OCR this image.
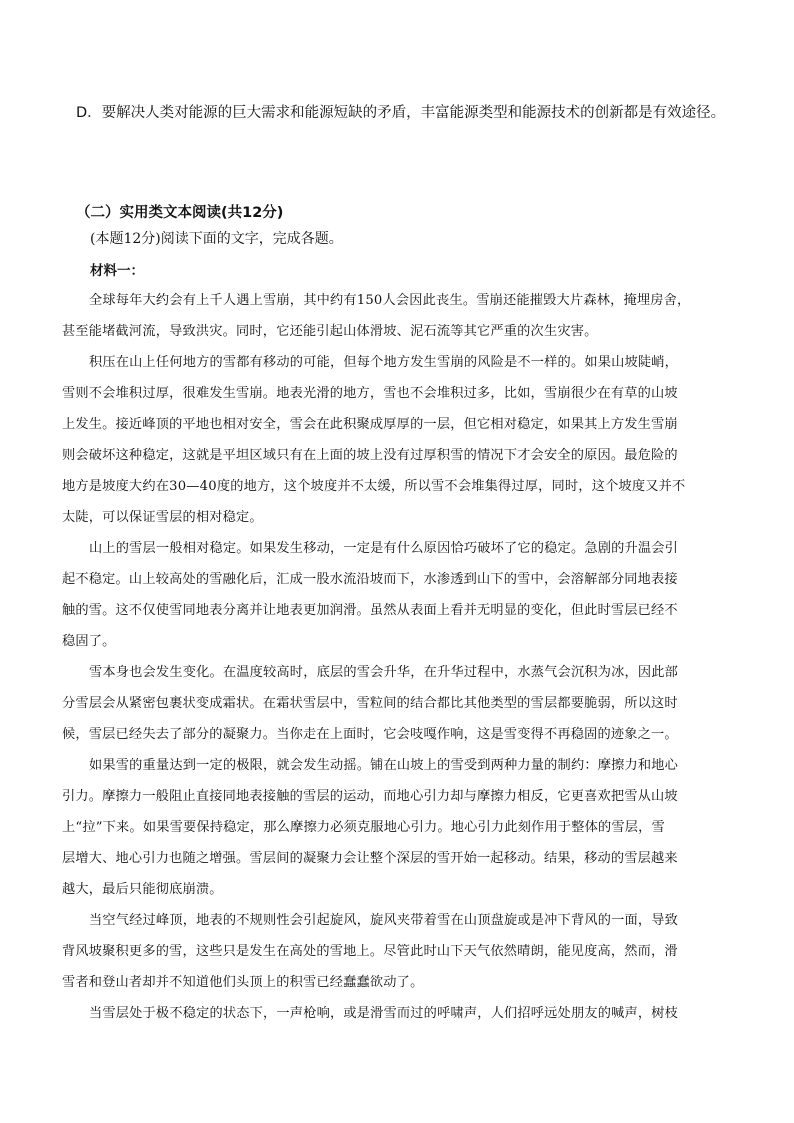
D．要解决人类对能源的巨大需求和能源短缺的矛盾，丰富能源类型和能源技术的创新都是有效途径。
（二）实用类文本阅读(共12分)
(本题12分)阅读下面的文字，完成各题。
材料一：
全球每年大约会有上千人遇上雪崩，其中约有150人会因此丧生。雪崩还能摧毁大片森林，掩埋房舍，
甚至能堵截河流，导致洪灾。同时，它还能引起山体滑坡、泥石流等其它严重的次生灾害。
积压在山上任何地方的雪都有移动的可能，但每个地方发生雪崩的风险是不一样的。如果山坡陡峭，
雪则不会堆积过厚，很难发生雪崩。地表光滑的地方，雪也不会堆积过多，比如，雪崩很少在有草的山坡
上发生。接近峰顶的平地也相对安全，雪会在此积聚成厚厚的一层，但它相对稳定，如果其上方发生雪崩
则会破坏这种稳定，这就是平坦区域只有在上面的坡上没有过厚积雪的情况下才会安全的原因。最危险的
地方是坡度大约在30—40度的地方，这个坡度并不太缓，所以雪不会堆集得过厚，同时，这个坡度又并不
太陡，可以保证雪层的相对稳定。
山上的雪层一般相对稳定。如果发生移动，一定是有什么原因恰巧破坏了它的稳定。急剧的升温会引
起不稳定。山上较高处的雪融化后，汇成一股水流沿坡而下，水渗透到山下的雪中，会溶解部分同地表接
触的雪。这不仅使雪同地表分离并让地表更加润滑。虽然从表面上看并无明显的变化，但此时雪层已经不
稳固了。
雪本身也会发生变化。在温度较高时，底层的雪会升华，在升华过程中，水蒸气会沉积为冰，因此部
分雪层会从紧密包裹状变成霜状。在霜状雪层中，雪粒间的结合都比其他类型的雪层都要脆弱，所以这时
候，雪层已经失去了部分的凝聚力。当你走在上面时，它会吱嘎作响，这是雪变得不再稳固的迹象之一。
如果雪的重量达到一定的极限，就会发生动摇。铺在山坡上的雪受到两种力量的制约：摩擦力和地心
引力。摩擦力一般阻止直接同地表接触的雪层的运动，而地心引力却与摩擦力相反，它更喜欢把雪从山坡
上“拉”下来。如果雪要保持稳定，那么摩擦力必须克服地心引力。地心引力此刻作用于整体的雪层，雪
层增大、地心引力也随之增强。雪层间的凝聚力会让整个深层的雪开始一起移动。结果，移动的雪层越来
越大，最后只能彻底崩溃。
当空气经过峰顶，地表的不规则性会引起旋风，旋风夹带着雪在山顶盘旋或是冲下背风的一面，导致
背风坡聚积更多的雪，这些只是发生在高处的雪地上。尽管此时山下天气依然晴朗，能见度高，然而，滑
雪者和登山者却并不知道他们头顶上的积雪已经蠢蠢欲动了。
当雪层处于极不稳定的状态下，一声枪响，或是滑雪而过的呼啸声，人们招呼远处朋友的喊声，树枝
